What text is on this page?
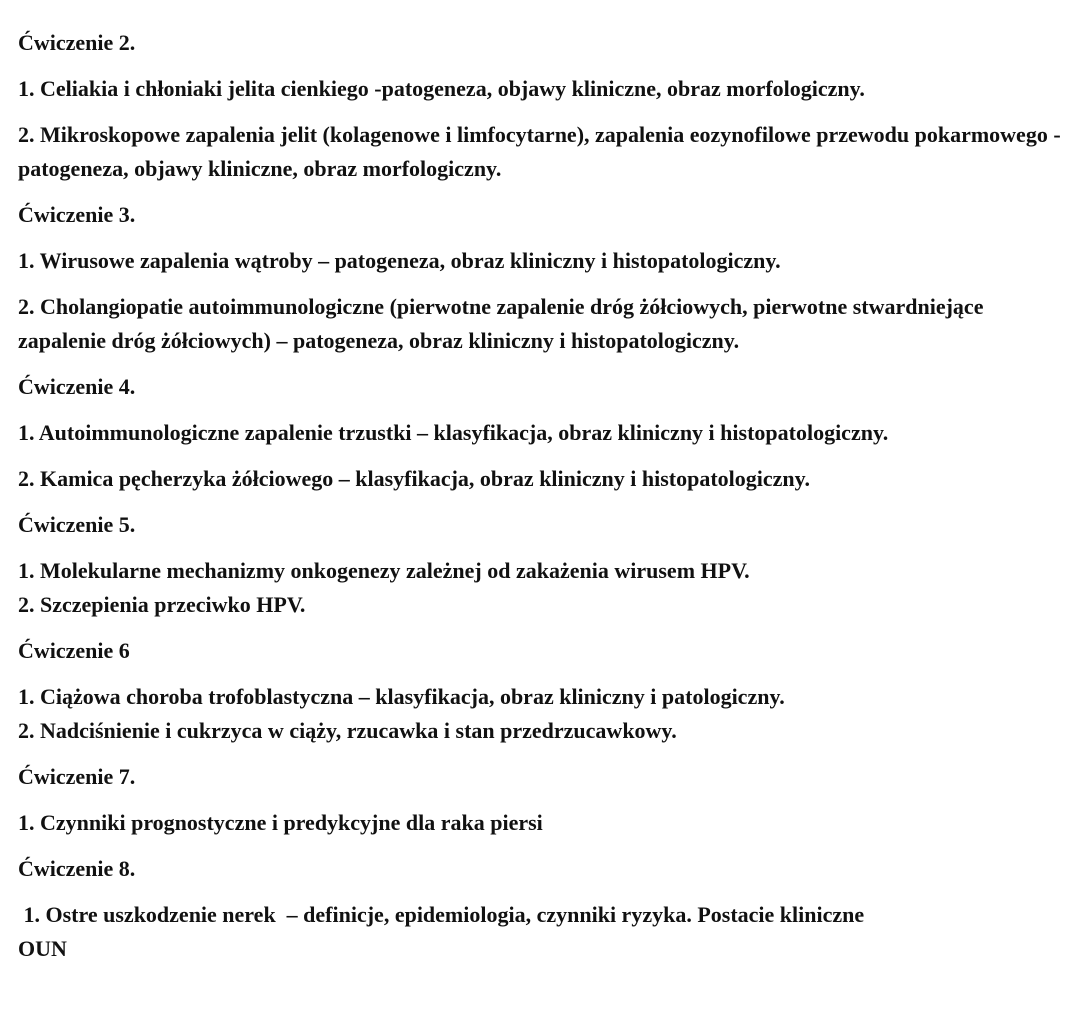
Ćwiczenie 2.

1. Celiakia i chłoniaki jelita cienkiego -patogeneza, objawy kliniczne, obraz morfologiczny.

2. Mikroskopowe zapalenia jelit (kolagenowe i limfocytarne), zapalenia eozynofilowe przewodu pokarmowego - patogeneza, objawy kliniczne, obraz morfologiczny.

Ćwiczenie 3.

1. Wirusowe zapalenia wątroby – patogeneza, obraz kliniczny i histopatologiczny.

2. Cholangiopatie autoimmunologiczne (pierwotne zapalenie dróg żółciowych, pierwotne stwardniejące zapalenie dróg żółciowych) – patogeneza, obraz kliniczny i histopatologiczny.

Ćwiczenie 4.

1. Autoimmunologiczne zapalenie trzustki – klasyfikacja, obraz kliniczny i histopatologiczny.

2. Kamica pęcherzyka żółciowego – klasyfikacja, obraz kliniczny i histopatologiczny.

Ćwiczenie 5.

1. Molekularne mechanizmy onkogenezy zależnej od zakażenia wirusem HPV.

2. Szczepienia przeciwko HPV.

Ćwiczenie 6

1. Ciążowa choroba trofoblastyczna – klasyfikacja, obraz kliniczny i patologiczny.

2. Nadciśnienie i cukrzyca w ciąży, rzucawka i stan przedrzucawkowy.

Ćwiczenie 7.

1. Czynniki prognostyczne i predykcyjne dla raka piersi

Ćwiczenie 8.

1. Ostre uszkodzenie nerek  – definicje, epidemiologia, czynniki ryzyka. Postacie kliniczne

OUN
